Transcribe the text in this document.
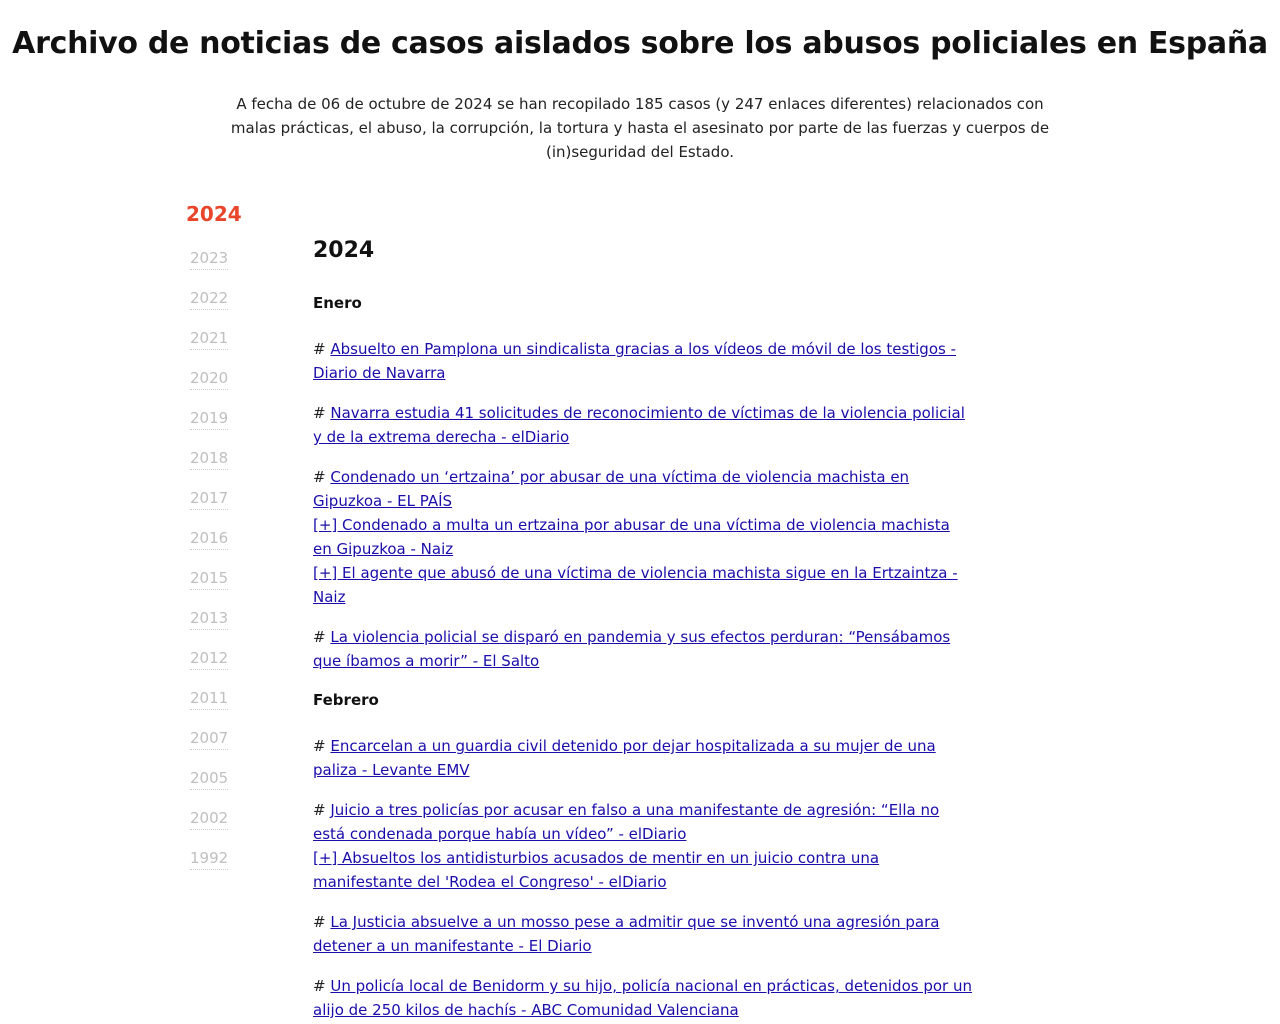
Archivo de noticias de casos aislados sobre los abusos policiales en España

A fecha de 06 de octubre de 2024 se han recopilado 185 casos (y 247 enlaces diferentes) relacionados con malas prácticas, el abuso, la corrupción, la tortura y hasta el asesinato por parte de las fuerzas y cuerpos de (in)seguridad del Estado.

2024
2023
2022
2021
2020
2019
2018
2017
2016
2015
2013
2012
2011
2007
2005
2002
1992
2024
Enero

# Absuelto en Pamplona un sindicalista gracias a los vídeos de móvil de los testigos - Diario de Navarra

# Navarra estudia 41 solicitudes de reconocimiento de víctimas de la violencia policial y de la extrema derecha - elDiario

# Condenado un ‘ertzaina’ por abusar de una víctima de violencia machista en Gipuzkoa - EL PAÍS
[+] Condenado a multa un ertzaina por abusar de una víctima de violencia machista en Gipuzkoa - Naiz
[+] El agente que abusó de una víctima de violencia machista sigue en la Ertzaintza - Naiz

# La violencia policial se disparó en pandemia y sus efectos perduran: “Pensábamos que íbamos a morir” - El Salto

Febrero

# Encarcelan a un guardia civil detenido por dejar hospitalizada a su mujer de una paliza - Levante EMV

# Juicio a tres policías por acusar en falso a una manifestante de agresión: “Ella no está condenada porque había un vídeo” - elDiario
[+] Absueltos los antidisturbios acusados de mentir en un juicio contra una manifestante del 'Rodea el Congreso' - elDiario

# La Justicia absuelve a un mosso pese a admitir que se inventó una agresión para detener a un manifestante - El Diario

# Un policía local de Benidorm y su hijo, policía nacional en prácticas, detenidos por un alijo de 250 kilos de hachís - ABC Comunidad Valenciana
